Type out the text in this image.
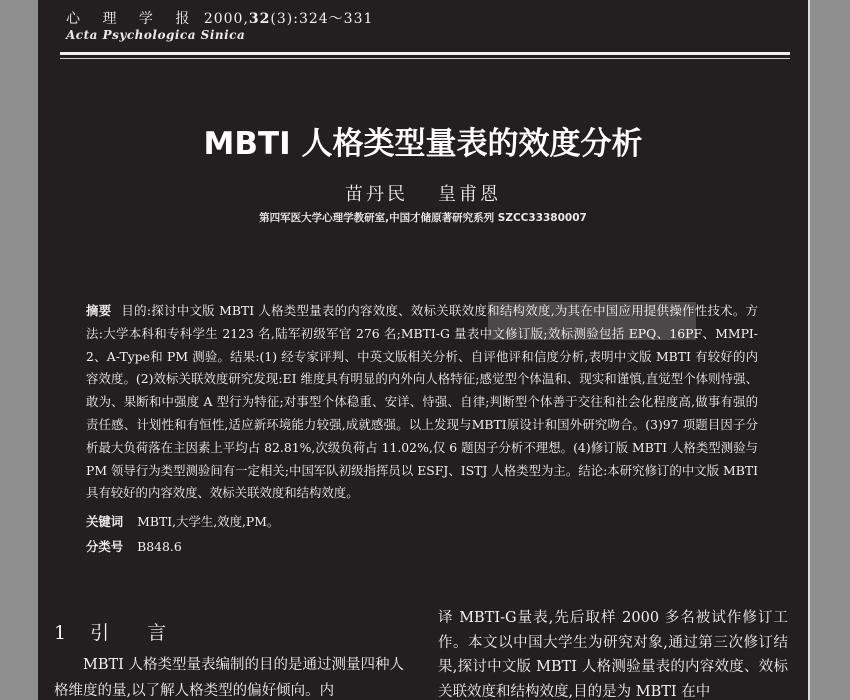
心 理 学 报 2000,32(3):324～331
Acta Psychologica Sinica
MBTI 人格类型量表的效度分析
苗丹民 皇甫恩
第四军医大学心理学教研室,中国才储原著研究系列 SZCC33380007
摘要 目的:探讨中文版 MBTI 人格类型量表的内容效度、效标关联效度和结构效度,为其在中国应用提供操作性技术。方法:大学本科和专科学生 2123 名,陆军初级军官 276 名;MBTI-G 量表中文修订版;效标测验包括 EPQ、16PF、MMPI-2、A-Type和 PM 测验。结果:(1) 经专家评判、中英文版相关分析、自评他评和信度分析,表明中文版 MBTI 有较好的内容效度。(2)效标关联效度研究发现:EI 维度具有明显的内外向人格特征;感觉型个体温和、现实和谨慎,直觉型个体则恃强、敢为、果断和中强度 A 型行为特征;对事型个体稳重、安详、恃强、自律;判断型个体善于交往和社会化程度高,做事有强的责任感、计划性和有恒性,适应新环境能力较强,成就感强。以上发现与MBTI原设计和国外研究吻合。(3)97 项题目因子分析最大负荷落在主因素上平均占 82.81%,次级负荷占 11.02%,仅 6 题因子分析不理想。(4)修订版 MBTI 人格类型测验与 PM 领导行为类型测验间有一定相关;中国军队初级指挥员以 ESFJ、ISTJ 人格类型为主。结论:本研究修订的中文版 MBTI 具有较好的内容效度、效标关联效度和结构效度。
关键词 MBTI,大学生,效度,PM。
分类号 B848.6
1 引 言
MBTI 人格类型量表编制的目的是通过测量四种人格维度的量,以了解人格类型的偏好倾向。内
译 MBTI-G量表,先后取样 2000 多名被试作修订工作。本文以中国大学生为研究对象,通过第三次修订结果,探讨中文版 MBTI 人格测验量表的内容效度、效标关联效度和结构效度,目的是为 MBTI 在中
